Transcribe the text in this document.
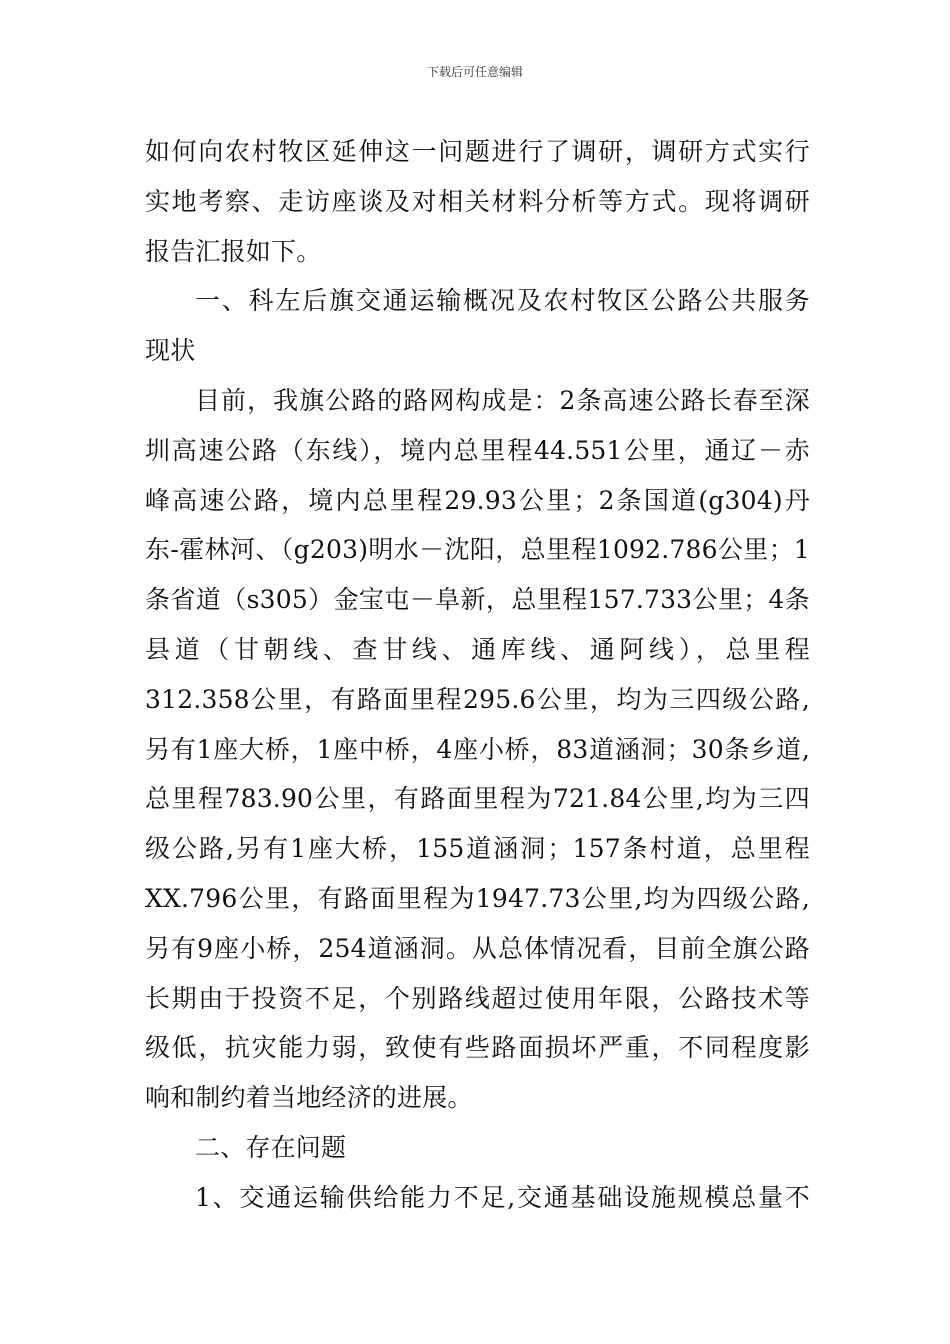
下载后可任意编辑
如何向农村牧区延伸这一问题进行了调研，调研方式实行
实地考察、走访座谈及对相关材料分析等方式。现将调研
报告汇报如下。
一、科左后旗交通运输概况及农村牧区公路公共服务
现状
目前，我旗公路的路网构成是：2条高速公路长春至深
圳高速公路（东线），境内总里程44.551公里，通辽－赤
峰高速公路，境内总里程29.93公里；2条国道(g304)丹
东-霍林河、（g203)明水－沈阳，总里程1092.786公里；1
条省道（s305）金宝屯－阜新，总里程157.733公里；4条
县道（甘朝线、查甘线、通库线、通阿线），总里程
312.358公里，有路面里程295.6公里，均为三四级公路,
另有1座大桥，1座中桥，4座小桥，83道涵洞；30条乡道,
总里程783.90公里，有路面里程为721.84公里,均为三四
级公路,另有1座大桥，155道涵洞；157条村道，总里程
XX.796公里，有路面里程为1947.73公里,均为四级公路,
另有9座小桥，254道涵洞。从总体情况看，目前全旗公路
长期由于投资不足，个别路线超过使用年限，公路技术等
级低，抗灾能力弱，致使有些路面损坏严重，不同程度影
响和制约着当地经济的进展。
二、存在问题
1、交通运输供给能力不足,交通基础设施规模总量不
